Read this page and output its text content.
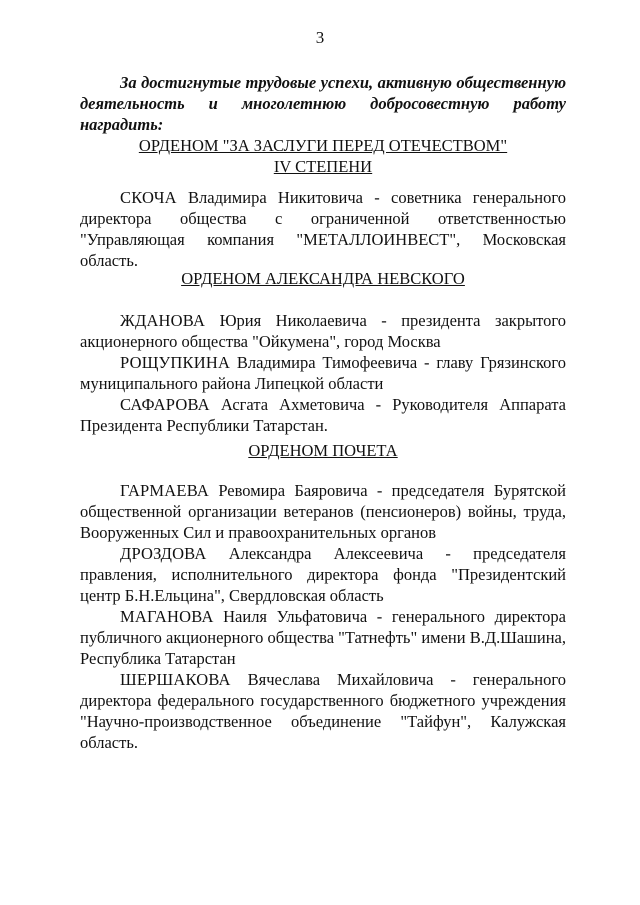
3
За достигнутые трудовые успехи, активную общественную деятельность и многолетнюю добросовестную работу наградить:
ОРДЕНОМ "ЗА ЗАСЛУГИ ПЕРЕД ОТЕЧЕСТВОМ"
IV СТЕПЕНИ
СКОЧА Владимира Никитовича - советника генерального директора общества с ограниченной ответственностью "Управляющая компания "МЕТАЛЛОИНВЕСТ", Московская область.
ОРДЕНОМ АЛЕКСАНДРА НЕВСКОГО
ЖДАНОВА Юрия Николаевича - президента закрытого акционерного общества "Ойкумена", город Москва
РОЩУПКИНА Владимира Тимофеевича - главу Грязинского муниципального района Липецкой области
САФАРОВА Асгата Ахметовича - Руководителя Аппарата Президента Республики Татарстан.
ОРДЕНОМ ПОЧЕТА
ГАРМАЕВА Ревомира Баяровича - председателя Бурятской общественной организации ветеранов (пенсионеров) войны, труда, Вооруженных Сил и правоохранительных органов
ДРОЗДОВА Александра Алексеевича - председателя правления, исполнительного директора фонда "Президентский центр Б.Н.Ельцина", Свердловская область
МАГАНОВА Наиля Ульфатовича - генерального директора публичного акционерного общества "Татнефть" имени В.Д.Шашина, Республика Татарстан
ШЕРШАКОВА Вячеслава Михайловича - генерального директора федерального государственного бюджетного учреждения "Научно-производственное объединение "Тайфун", Калужская область.
